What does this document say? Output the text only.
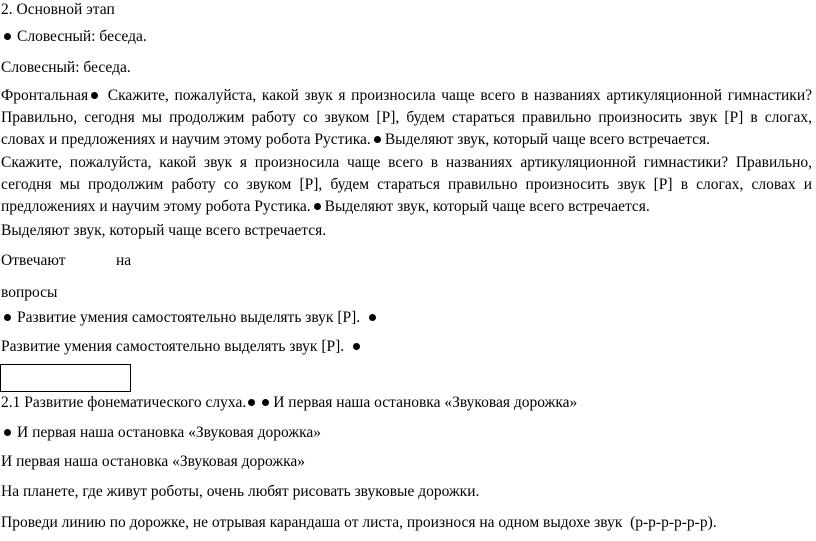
2. Основной этап
Словесный: беседа.
Словесный: беседа.
Фронтальная Скажите, пожалуйста, какой звук я произносила чаще всего в названиях артикуляционной гимнастики? Правильно, сегодня мы продолжим работу со звуком [Р], будем стараться правильно произносить звук [Р] в слогах, словах и предложениях и научим этому робота Рустика. Выделяют звук, который чаще всего встречается.
Скажите, пожалуйста, какой звук я произносила чаще всего в названиях артикуляционной гимнастики? Правильно, сегодня мы продолжим работу со звуком [Р], будем стараться правильно произносить звук [Р] в слогах, словах и предложениях и научим этому робота Рустика. Выделяют звук, который чаще всего встречается.
Выделяют звук, который чаще всего встречается.
Отвечают	на
вопросы
Развитие умения самостоятельно выделять звук [Р].
Развитие умения самостоятельно выделять звук [Р].
2.1 Развитие фонематического слуха. И первая наша остановка «Звуковая дорожка»
И первая наша остановка «Звуковая дорожка»
И первая наша остановка «Звуковая дорожка»
На планете, где живут роботы, очень любят рисовать звуковые дорожки.
Проведи линию по дорожке, не отрывая карандаша от листа, произнося на одном выдохе звук  (р-р-р-р-р-р).
